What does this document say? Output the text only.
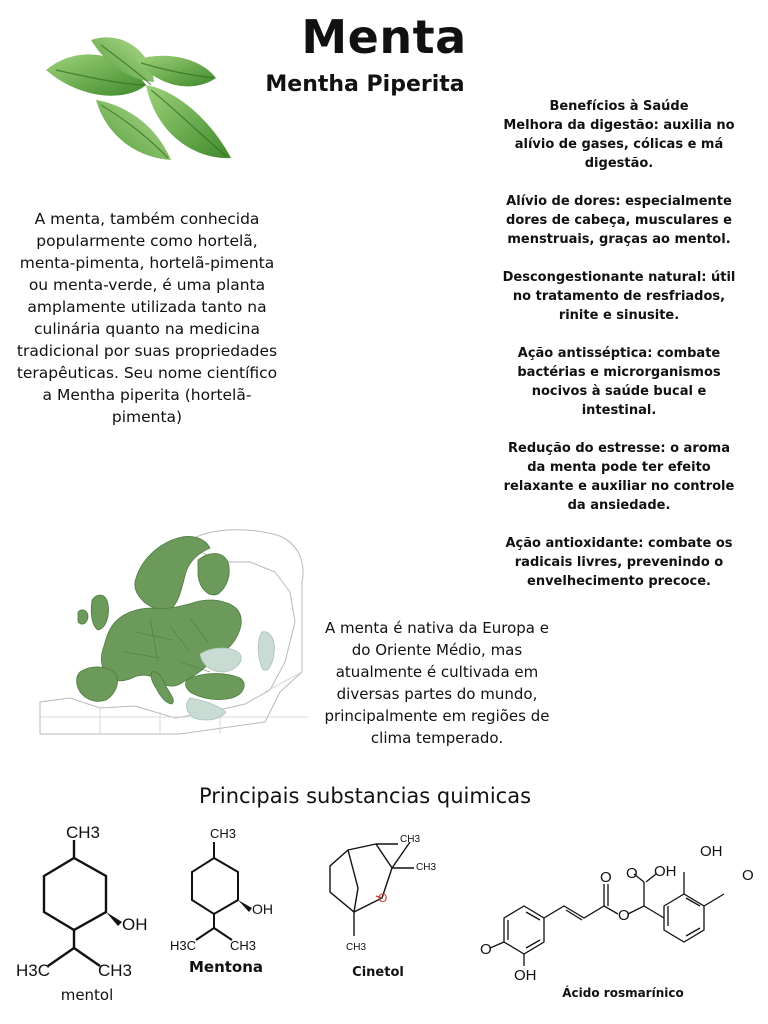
Menta
Mentha Piperita
A menta, também conhecida popularmente como hortelã, menta-pimenta, hortelã-pimenta ou menta-verde, é uma planta amplamente utilizada tanto na culinária quanto na medicina tradicional por suas propriedades terapêuticas. Seu nome científico a Mentha piperita (hortelã-pimenta)
Benefícios à Saúde
Melhora da digestão: auxilia no alívio de gases, cólicas e má digestão.
Alívio de dores: especialmente dores de cabeça, musculares e menstruais, graças ao mentol.
Descongestionante natural: útil no tratamento de resfriados, rinite e sinusite.
Ação antisséptica: combate bactérias e microrganismos nocivos à saúde bucal e intestinal.
Redução do estresse: o aroma da menta pode ter efeito relaxante e auxiliar no controle da ansiedade.
Ação antioxidante: combate os radicais livres, prevenindo o envelhecimento precoce.
A menta é nativa da Europa e do Oriente Médio, mas atualmente é cultivada em diversas partes do mundo, principalmente em regiões de clima temperado.
Principais substancias quimicas
CH3
OH
H3C	CH3
mentol
CH3
OH
H3C	CH3
Mentona
CH3
CH3
O
CH3
Cinetol
OH
O
O OH
O
O
O
OH
Ácido rosmarínico
